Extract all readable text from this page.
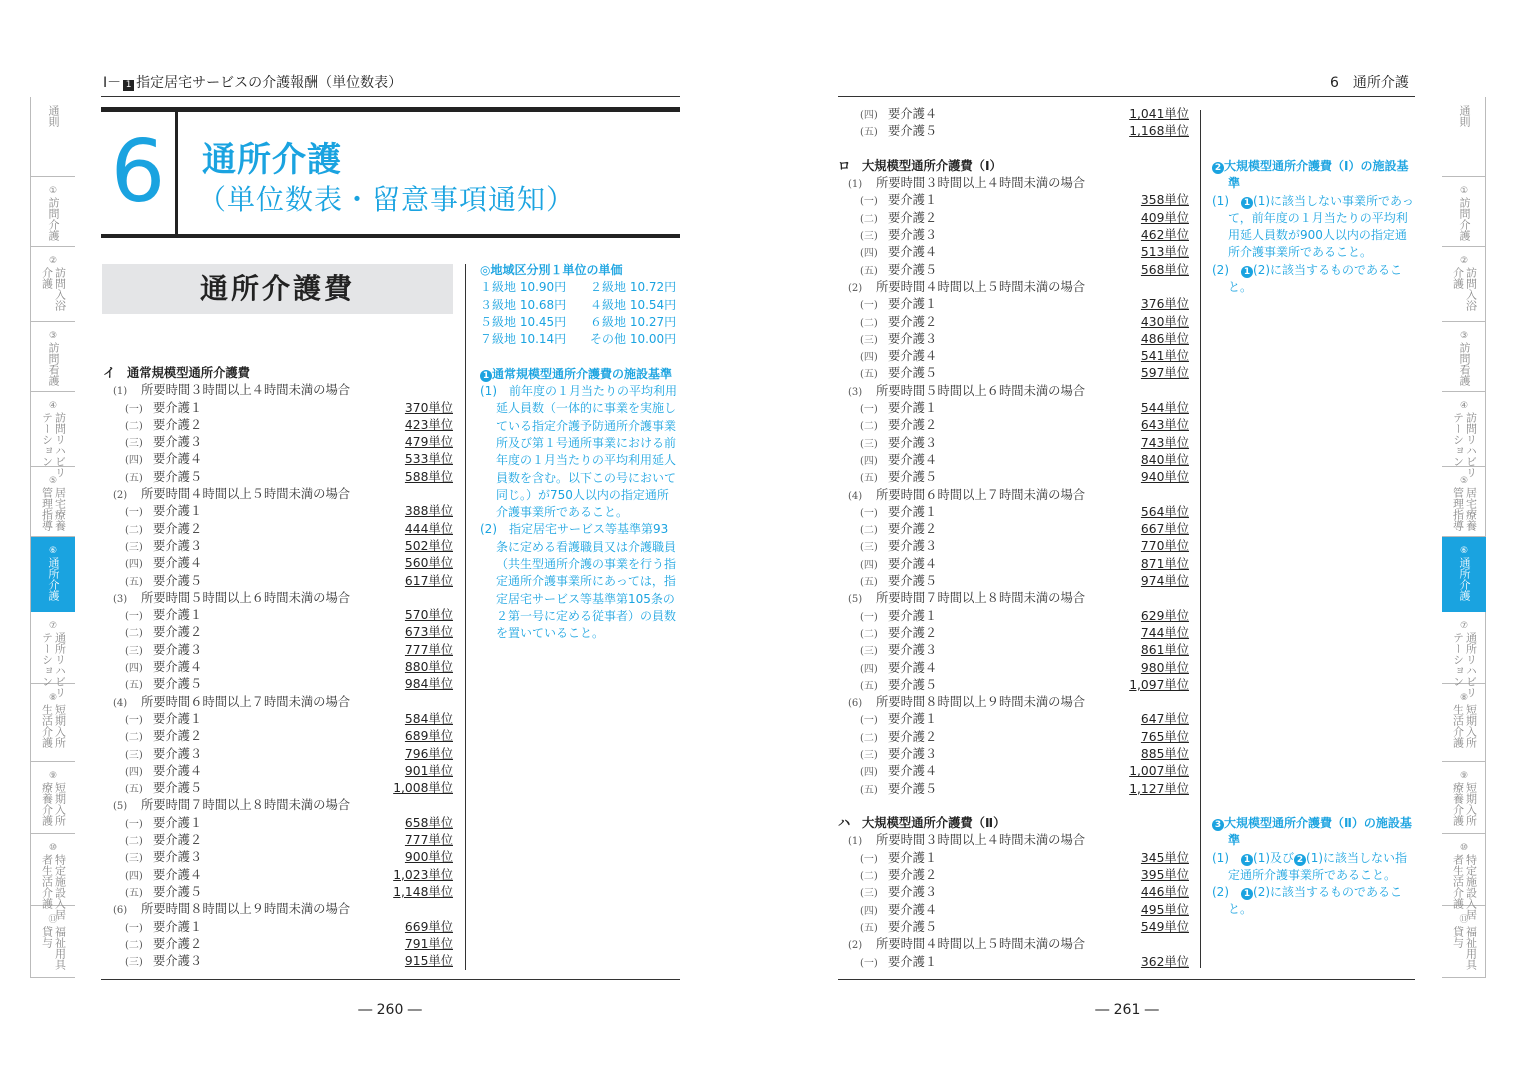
通則
①
訪問介護
②
訪問入浴
介護
③
訪問看護
④
訪問リハビリ
テーション
⑤
居宅療養
管理指導
⑥
通所介護
⑦
通所リハビリ
テーション
⑧
短期入所
生活介護
⑨
短期入所
療養介護
⑩
特定施設入居
者生活介護
⑪
福祉用具
貸与
通則
①
訪問介護
②
訪問入浴
介護
③
訪問看護
④
訪問リハビリ
テーション
⑤
居宅療養
管理指導
⑥
通所介護
⑦
通所リハビリ
テーション
⑧
短期入所
生活介護
⑨
短期入所
療養介護
⑩
特定施設入居
者生活介護
⑪
福祉用具
貸与
Ⅰ－ 1 指定居宅サービスの介護報酬（単位数表）
6 通所介護
（単位数表・留意事項通知）
通所介護費
イ 通常規模型通所介護費
(1) 所要時間３時間以上４時間未満の場合
(一) 要介護１	370単位
(二) 要介護２	423単位
(三) 要介護３	479単位
(四) 要介護４	533単位
(五) 要介護５	588単位
(2) 所要時間４時間以上５時間未満の場合
(一) 要介護１	388単位
(二) 要介護２	444単位
(三) 要介護３	502単位
(四) 要介護４	560単位
(五) 要介護５	617単位
(3) 所要時間５時間以上６時間未満の場合
(一) 要介護１	570単位
(二) 要介護２	673単位
(三) 要介護３	777単位
(四) 要介護４	880単位
(五) 要介護５	984単位
(4) 所要時間６時間以上７時間未満の場合
(一) 要介護１	584単位
(二) 要介護２	689単位
(三) 要介護３	796単位
(四) 要介護４	901単位
(五) 要介護５	1,008単位
(5) 所要時間７時間以上８時間未満の場合
(一) 要介護１	658単位
(二) 要介護２	777単位
(三) 要介護３	900単位
(四) 要介護４	1,023単位
(五) 要介護５	1,148単位
(6) 所要時間８時間以上９時間未満の場合
(一) 要介護１	669単位
(二) 要介護２	791単位
(三) 要介護３	915単位
◎地域区分別１単位の単価
１級地 10.90円	２級地 10.72円
３級地 10.68円	４級地 10.54円
５級地 10.45円	６級地 10.27円
７級地 10.14円	その他 10.00円
1 通常規模型通所介護費の施設基準
(1)　前年度の１月当たりの平均利用延人員数（一体的に事業を実施している指定介護予防通所介護事業所及び第１号通所事業における前年度の１月当たりの平均利用延人員数を含む。以下この号において同じ。）が750人以内の指定通所介護事業所であること。
(2)　指定居宅サービス等基準第93条に定める看護職員又は介護職員（共生型通所介護の事業を行う指定通所介護事業所にあっては，指定居宅サービス等基準第105条の２第一号に定める従事者）の員数を置いていること。
― 260 ―
6　通所介護
(四) 要介護４	1,041単位
(五) 要介護５	1,168単位
ロ 大規模型通所介護費（Ⅰ）
(1) 所要時間３時間以上４時間未満の場合
(一) 要介護１	358単位
(二) 要介護２	409単位
(三) 要介護３	462単位
(四) 要介護４	513単位
(五) 要介護５	568単位
(2) 所要時間４時間以上５時間未満の場合
(一) 要介護１	376単位
(二) 要介護２	430単位
(三) 要介護３	486単位
(四) 要介護４	541単位
(五) 要介護５	597単位
(3) 所要時間５時間以上６時間未満の場合
(一) 要介護１	544単位
(二) 要介護２	643単位
(三) 要介護３	743単位
(四) 要介護４	840単位
(五) 要介護５	940単位
(4) 所要時間６時間以上７時間未満の場合
(一) 要介護１	564単位
(二) 要介護２	667単位
(三) 要介護３	770単位
(四) 要介護４	871単位
(五) 要介護５	974単位
(5) 所要時間７時間以上８時間未満の場合
(一) 要介護１	629単位
(二) 要介護２	744単位
(三) 要介護３	861単位
(四) 要介護４	980単位
(五) 要介護５	1,097単位
(6) 所要時間８時間以上９時間未満の場合
(一) 要介護１	647単位
(二) 要介護２	765単位
(三) 要介護３	885単位
(四) 要介護４	1,007単位
(五) 要介護５	1,127単位
ハ 大規模型通所介護費（Ⅱ）
(1) 所要時間３時間以上４時間未満の場合
(一) 要介護１	345単位
(二) 要介護２	395単位
(三) 要介護３	446単位
(四) 要介護４	495単位
(五) 要介護５	549単位
(2) 所要時間４時間以上５時間未満の場合
(一) 要介護１	362単位
2 大規模型通所介護費（Ⅰ）の施設基準
(1)　 1 (1)に該当しない事業所であって，前年度の１月当たりの平均利用延人員数が900人以内の指定通所介護事業所であること。
(2)　 1 (2)に該当するものであること。
3 大規模型通所介護費（Ⅱ）の施設基準
(1)　 1 (1)及び 2 (1)に該当しない指定通所介護事業所であること。
(2)　 1 (2)に該当するものであること。
― 261 ―
